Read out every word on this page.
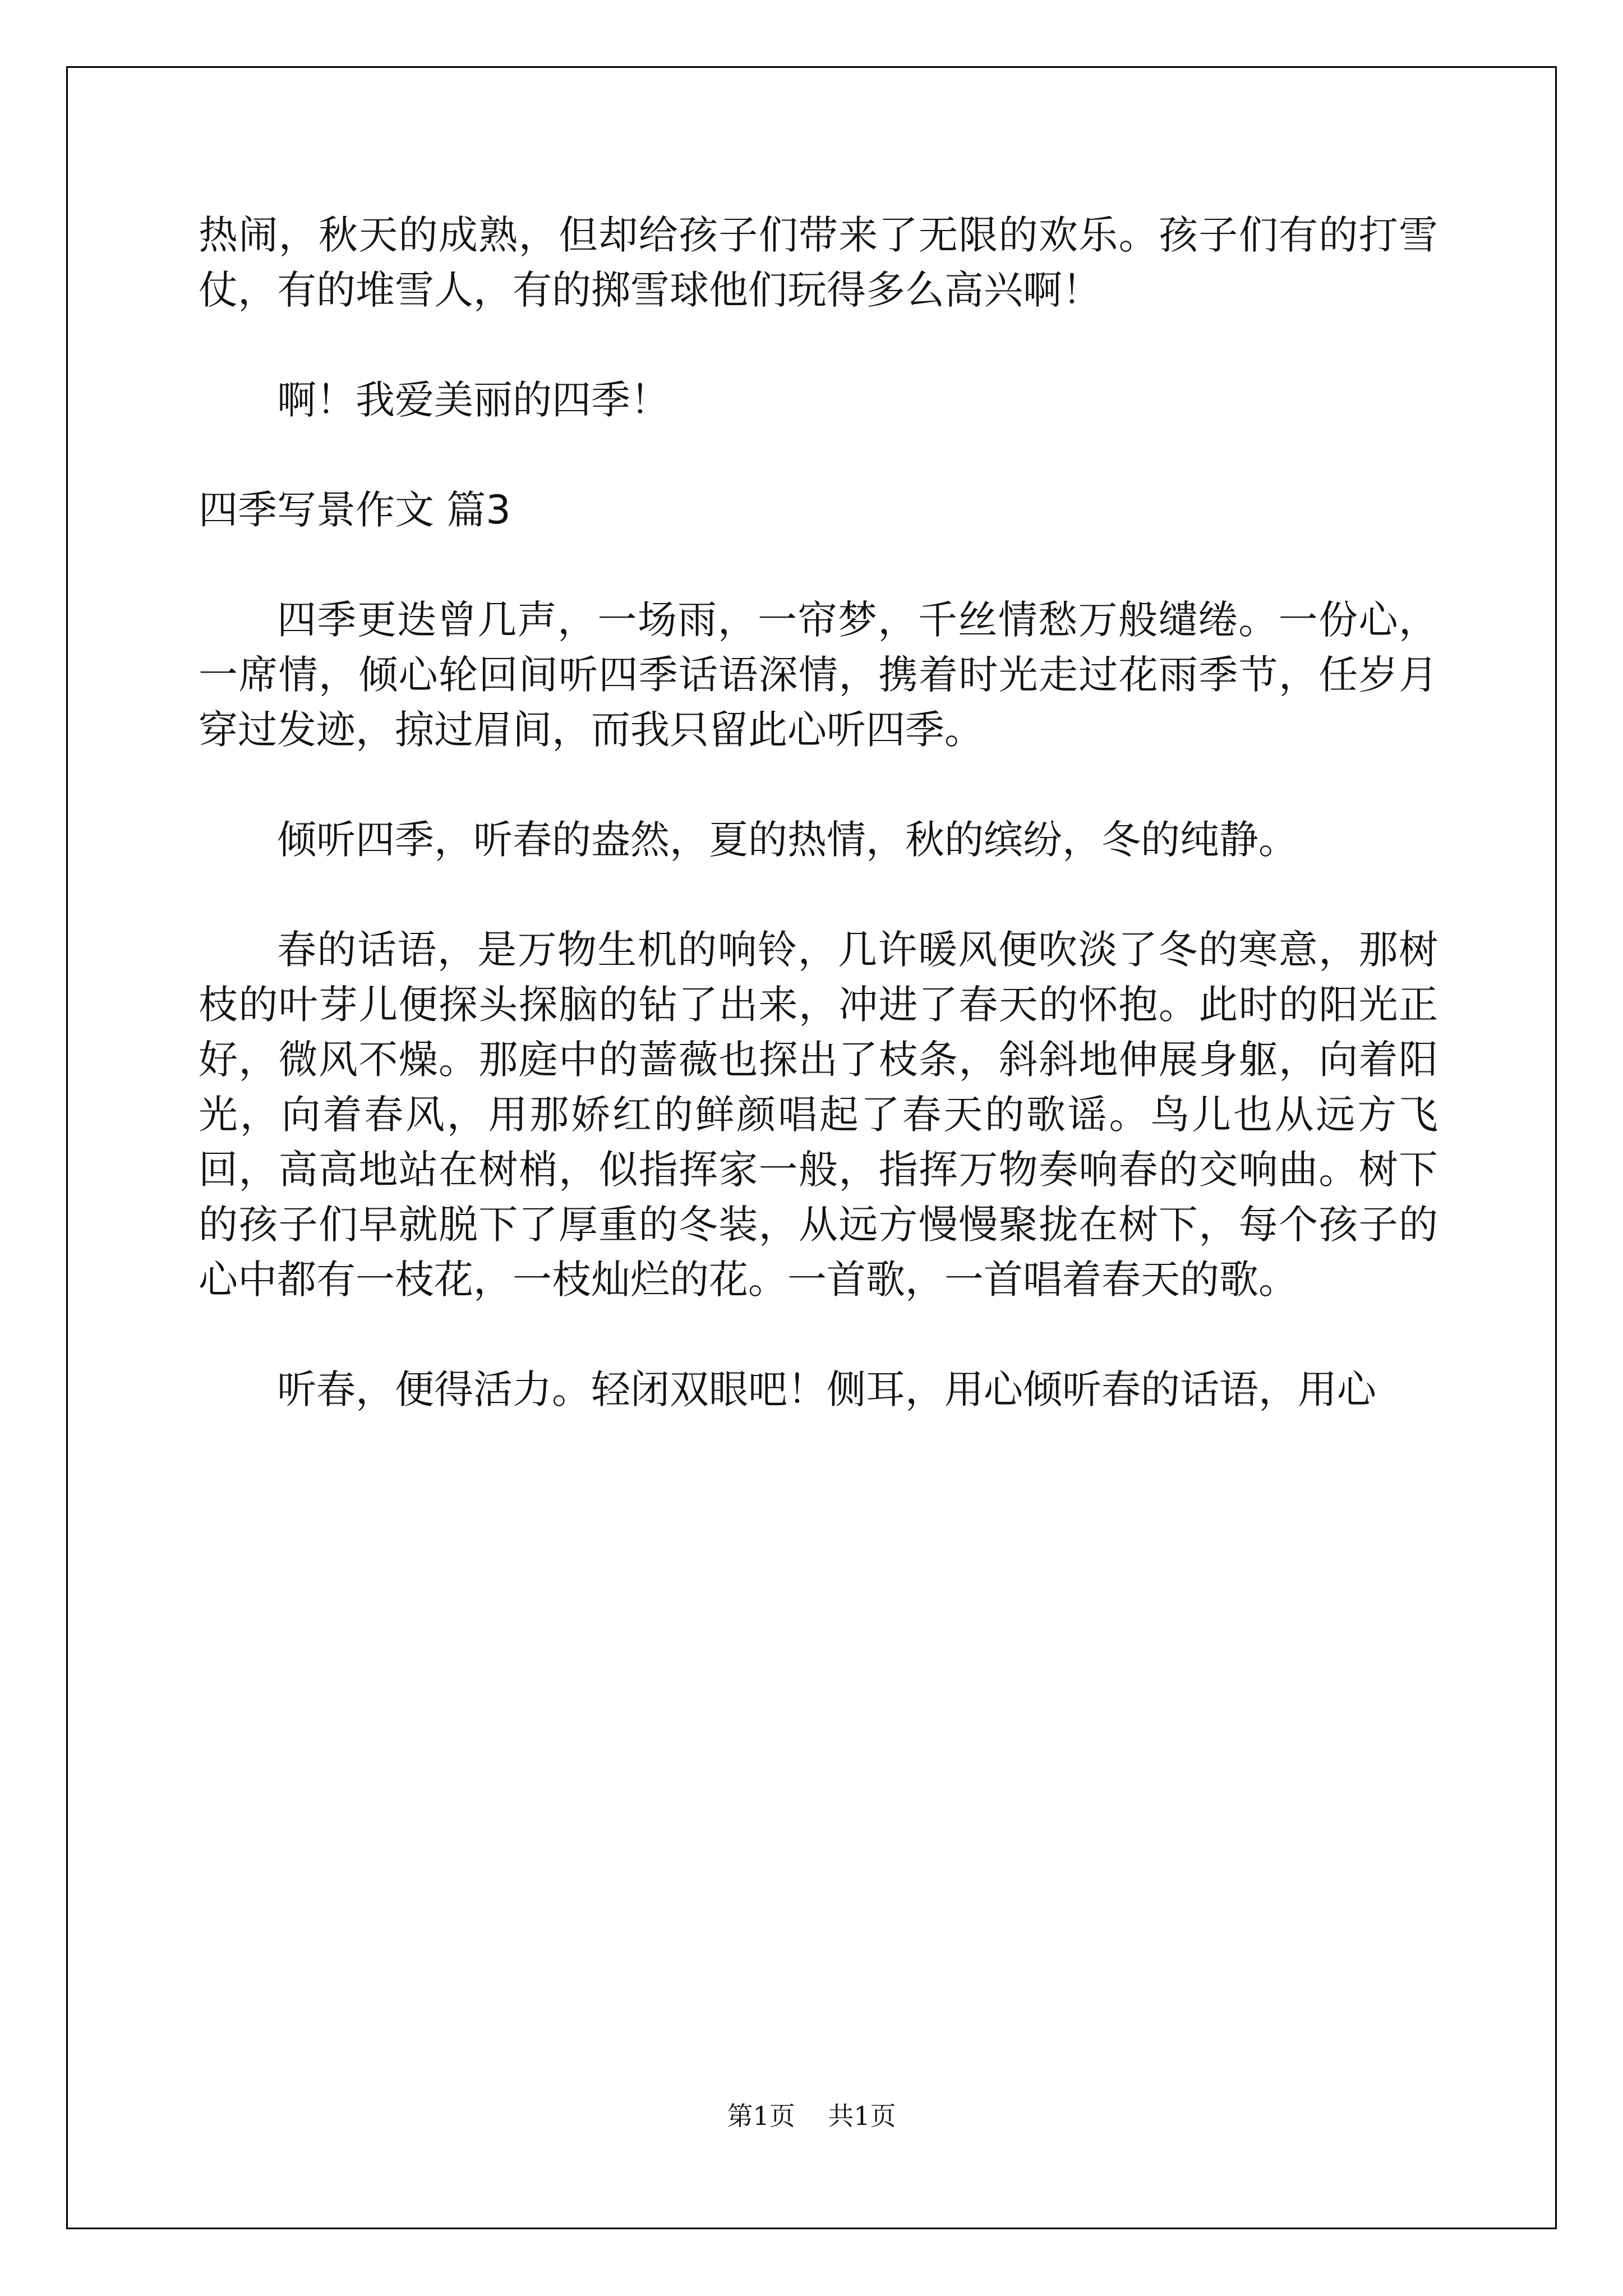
热闹，秋天的成熟，但却给孩子们带来了无限的欢乐。孩子们有的打雪仗，有的堆雪人，有的掷雪球他们玩得多么高兴啊！

啊！我爱美丽的四季！

四季写景作文 篇3

四季更迭曾几声，一场雨，一帘梦，千丝情愁万般缱绻。一份心，一席情，倾心轮回间听四季话语深情，携着时光走过花雨季节，任岁月穿过发迹，掠过眉间，而我只留此心听四季。

倾听四季，听春的盎然，夏的热情，秋的缤纷，冬的纯静。

春的话语，是万物生机的响铃，几许暖风便吹淡了冬的寒意，那树枝的叶芽儿便探头探脑的钻了出来，冲进了春天的怀抱。此时的阳光正好，微风不燥。那庭中的蔷薇也探出了枝条，斜斜地伸展身躯，向着阳光，向着春风，用那娇红的鲜颜唱起了春天的歌谣。鸟儿也从远方飞回，高高地站在树梢，似指挥家一般，指挥万物奏响春的交响曲。树下的孩子们早就脱下了厚重的冬装，从远方慢慢聚拢在树下，每个孩子的心中都有一枝花，一枝灿烂的花。一首歌，一首唱着春天的歌。

听春，便得活力。轻闭双眼吧！侧耳，用心倾听春的话语，用心

第1页 共1页
